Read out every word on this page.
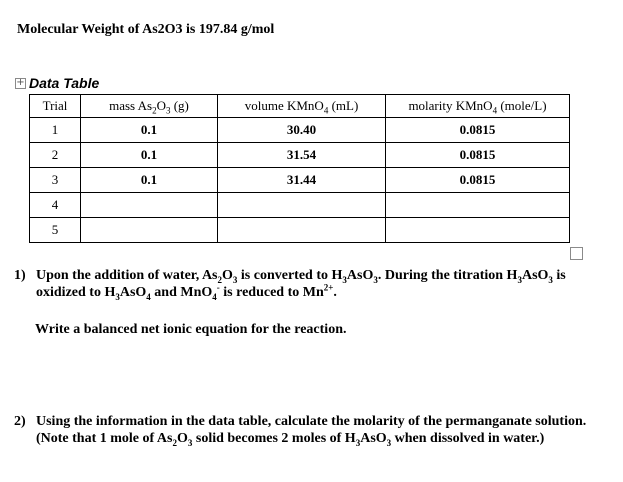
Molecular Weight of As2O3 is 197.84 g/mol
+ Data Table
Trial	mass $As_2O_3$ (g)	volume KMnO$_4$ (mL)	molarity KMnO$_4$ (mole/L)
1	0.1	30.40	0.0815
2	0.1	31.54	0.0815
3	0.1	31.44	0.0815
4			
5			
1) Upon the addition of water, $As_2O_3$ is converted to $H_3AsO_3$. During the titration $H_3AsO_3$ is oxidized to $H_3AsO_4$ and MnO$_4$- is reduced to $Mn^{2+}$.
Write a balanced net ionic equation for the reaction.
2) Using the information in the data table, calculate the molarity of the permanganate solution. (Note that 1 mole of $As_2O_3$ solid becomes 2 moles of $H_3AsO_3$ when dissolved in water.)
